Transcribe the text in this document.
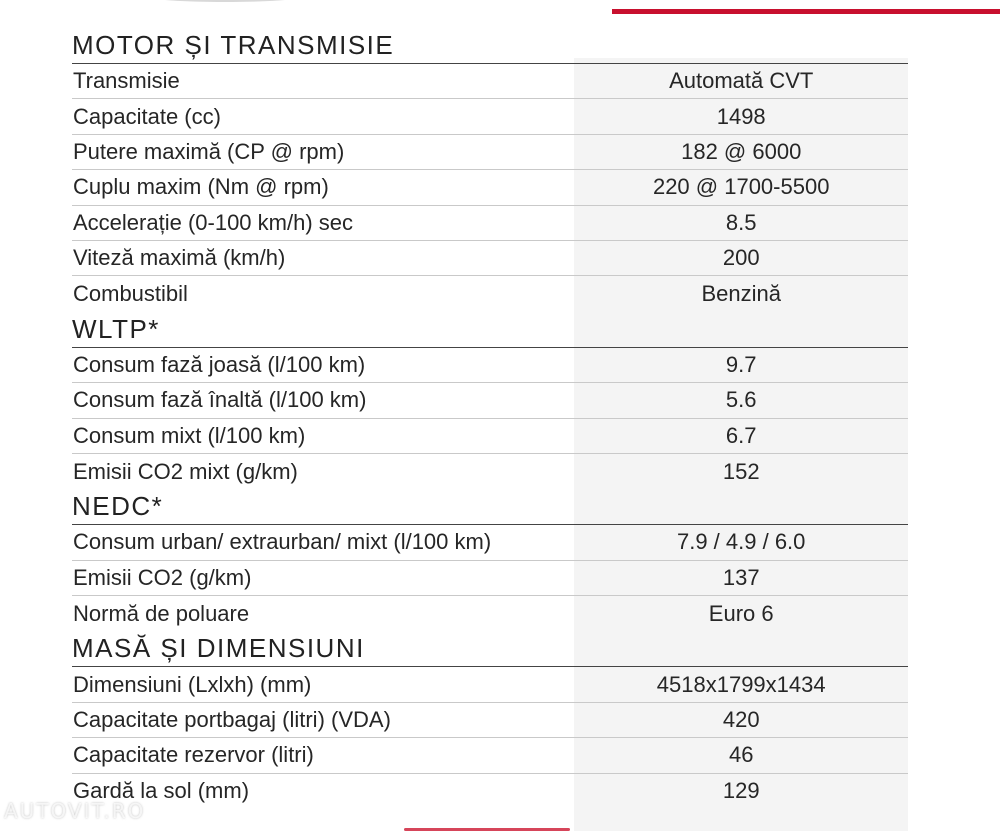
MOTOR ȘI TRANSMISIE
Transmisie	Automată CVT
Capacitate (cc)	1498
Putere maximă (CP @ rpm)	182 @ 6000
Cuplu maxim (Nm @ rpm)	220 @ 1700-5500
Accelerație (0-100 km/h) sec	8.5
Viteză maximă (km/h)	200
Combustibil	Benzină
WLTP*
Consum fază joasă (l/100 km)	9.7
Consum fază înaltă (l/100 km)	5.6
Consum mixt (l/100 km)	6.7
Emisii CO2 mixt (g/km)	152
NEDC*
Consum urban/ extraurban/ mixt (l/100 km)	7.9 / 4.9 / 6.0
Emisii CO2 (g/km)	137
Normă de poluare	Euro 6
MASĂ ȘI DIMENSIUNI
Dimensiuni (Lxlxh) (mm)	4518x1799x1434
Capacitate portbagaj (litri) (VDA)	420
Capacitate rezervor (litri)	46
Gardă la sol (mm)	129
AUTOVIT.RO
